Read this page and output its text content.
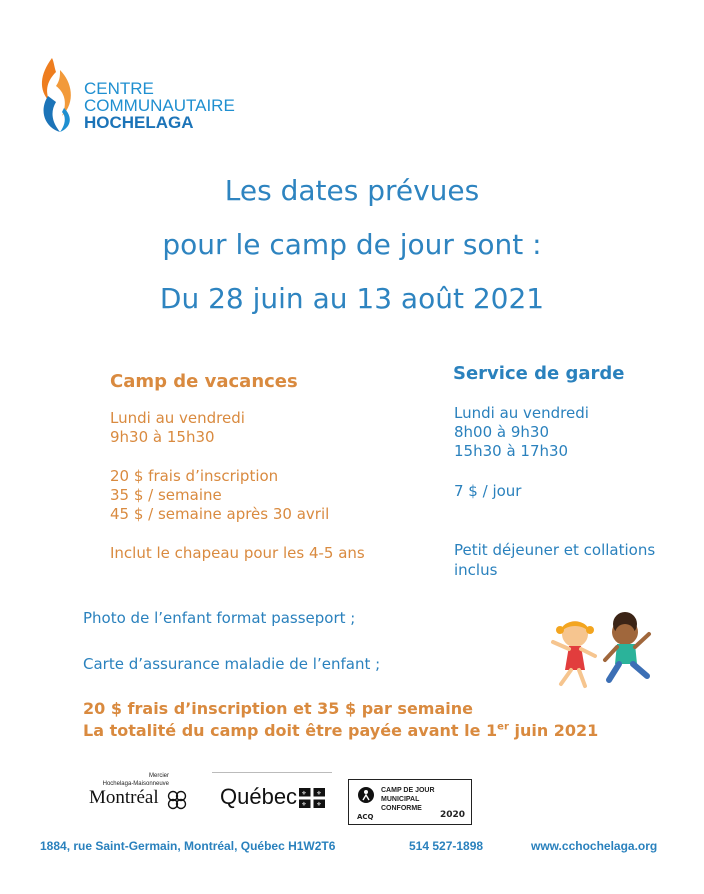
CENTRE
COMMUNAUTAIRE
HOCHELAGA
Les dates prévues
pour le camp de jour sont :
Du 28 juin au 13 août 2021
Camp de vacances
Lundi au vendredi
9h30 à 15h30
20 $ frais d’inscription
35 $ / semaine
45 $ / semaine après 30 avril
Inclut le chapeau pour les 4-5 ans
Service de garde
Lundi au vendredi
8h00 à 9h30
15h30 à 17h30
7 $ / jour
Petit déjeuner et collations
inclus
Photo de l’enfant format passeport ;
Carte d’assurance maladie de l’enfant ;
20 $ frais d’inscription et 35 $ par semaine
La totalité du camp doit être payée avant le 1er juin 2021
Mercier
Hochelaga-Maisonneuve
Montréal	Québec ⚜ ⚜
⚜ ⚜
CAMP DE JOUR
MUNICIPAL
CONFORME
ACQ	2020
1884, rue Saint-Germain, Montréal, Québec H1W2T6	514 527-1898	www.cchochelaga.org
